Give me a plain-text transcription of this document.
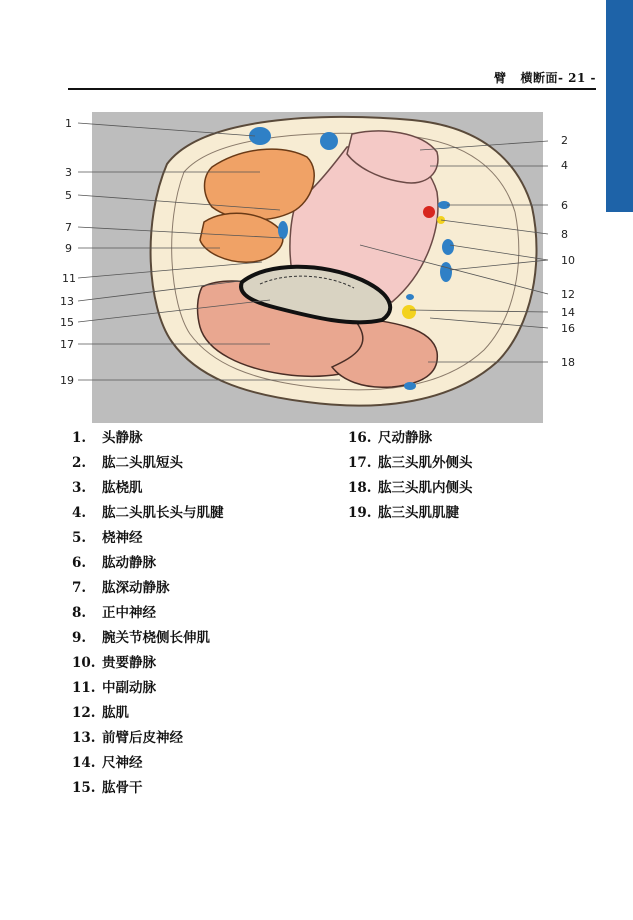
臂   横断面- 21 -
1
2
3
4
5
6
7
8
9
10
11
12
13
14
15	16
17
18
19
1.	头静脉
2.	肱二头肌短头
3.	肱桡肌
4.	肱二头肌长头与肌腱
5.	桡神经
6.	肱动静脉
7.	肱深动静脉
8.	正中神经
9.	腕关节桡侧长伸肌
10. 贵要静脉
11. 中副动脉
12. 肱肌
13. 前臂后皮神经
14. 尺神经
15. 肱骨干
16. 尺动静脉
17. 肱三头肌外侧头
18. 肱三头肌内侧头
19. 肱三头肌肌腱
